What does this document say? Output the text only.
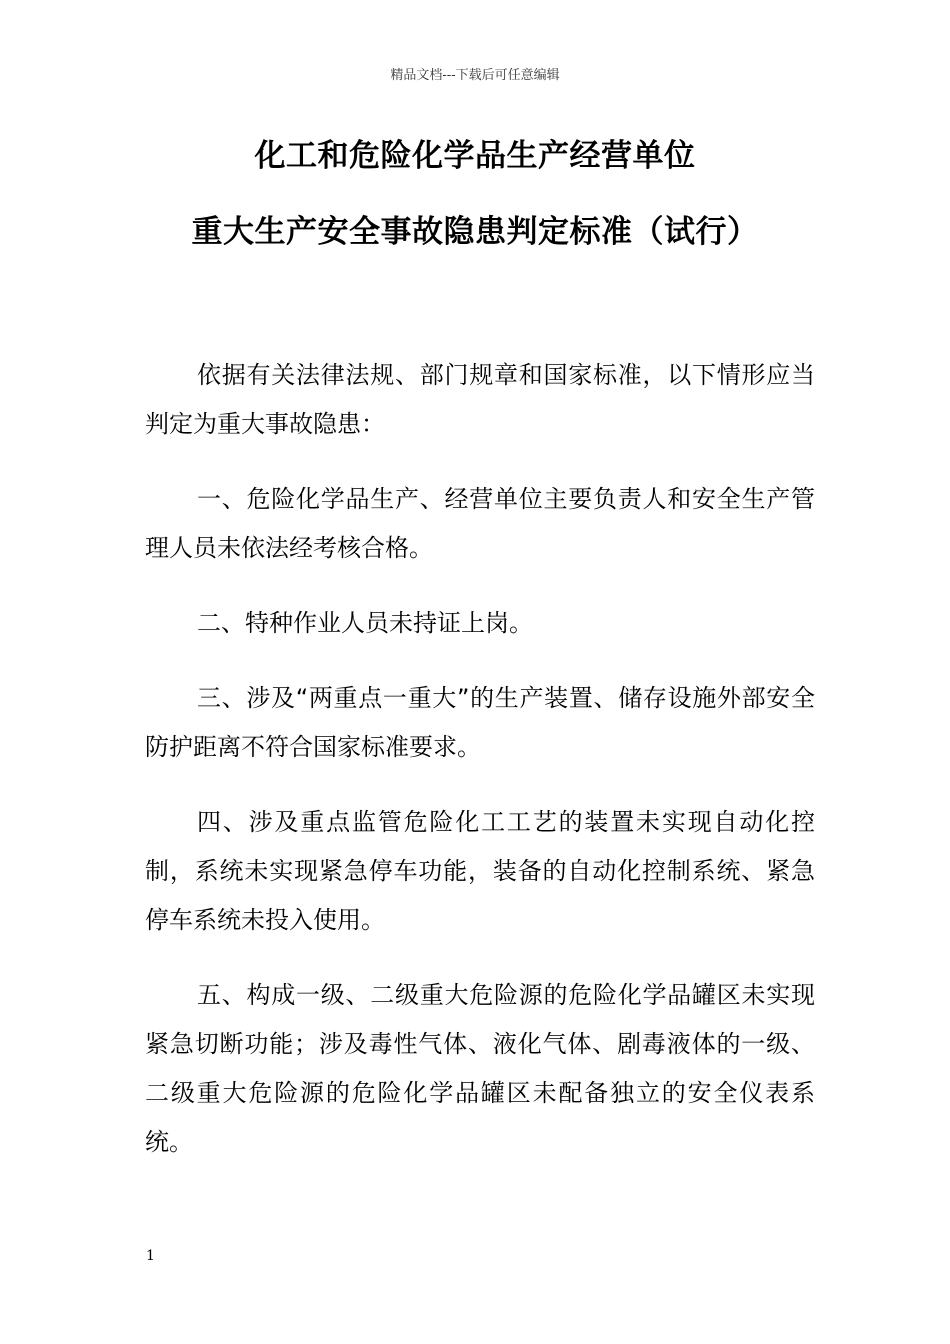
精品文档---下载后可任意编辑
化工和危险化学品生产经营单位
重大生产安全事故隐患判定标准（试行）

依据有关法律法规、部门规章和国家标准，以下情形应当判定为重大事故隐患：

一、危险化学品生产、经营单位主要负责人和安全生产管理人员未依法经考核合格。

二、特种作业人员未持证上岗。

三、涉及“两重点一重大”的生产装置、储存设施外部安全防护距离不符合国家标准要求。

四、涉及重点监管危险化工工艺的装置未实现自动化控制，系统未实现紧急停车功能，装备的自动化控制系统、紧急停车系统未投入使用。

五、构成一级、二级重大危险源的危险化学品罐区未实现紧急切断功能；涉及毒性气体、液化气体、剧毒液体的一级、二级重大危险源的危险化学品罐区未配备独立的安全仪表系统。

1
